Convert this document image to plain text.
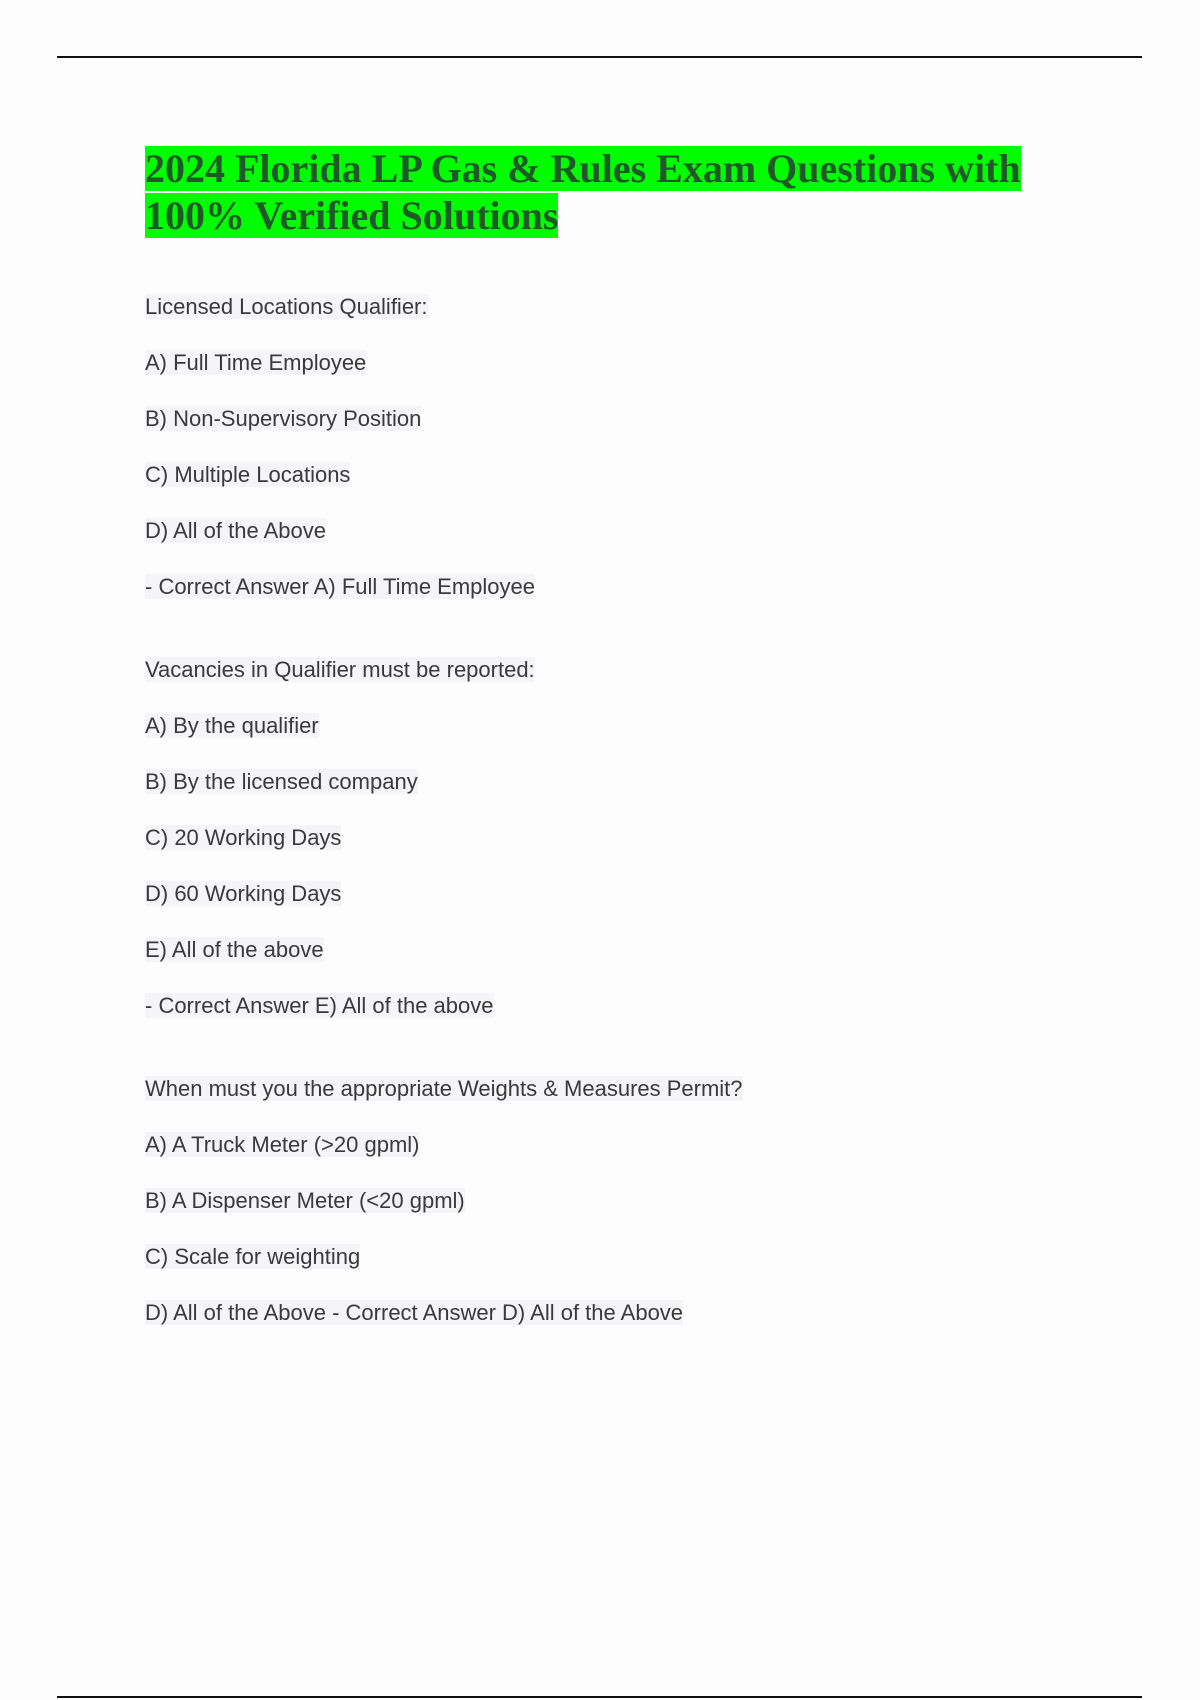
2024 Florida LP Gas & Rules Exam Questions with
100% Verified Solutions
Licensed Locations Qualifier:
A) Full Time Employee
B) Non-Supervisory Position
C) Multiple Locations
D) All of the Above
- Correct Answer A) Full Time Employee
Vacancies in Qualifier must be reported:
A) By the qualifier
B) By the licensed company
C) 20 Working Days
D) 60 Working Days
E) All of the above
- Correct Answer E) All of the above
When must you the appropriate Weights & Measures Permit?
A) A Truck Meter (>20 gpml)
B) A Dispenser Meter (<20 gpml)
C) Scale for weighting
D) All of the Above - Correct Answer D) All of the Above
